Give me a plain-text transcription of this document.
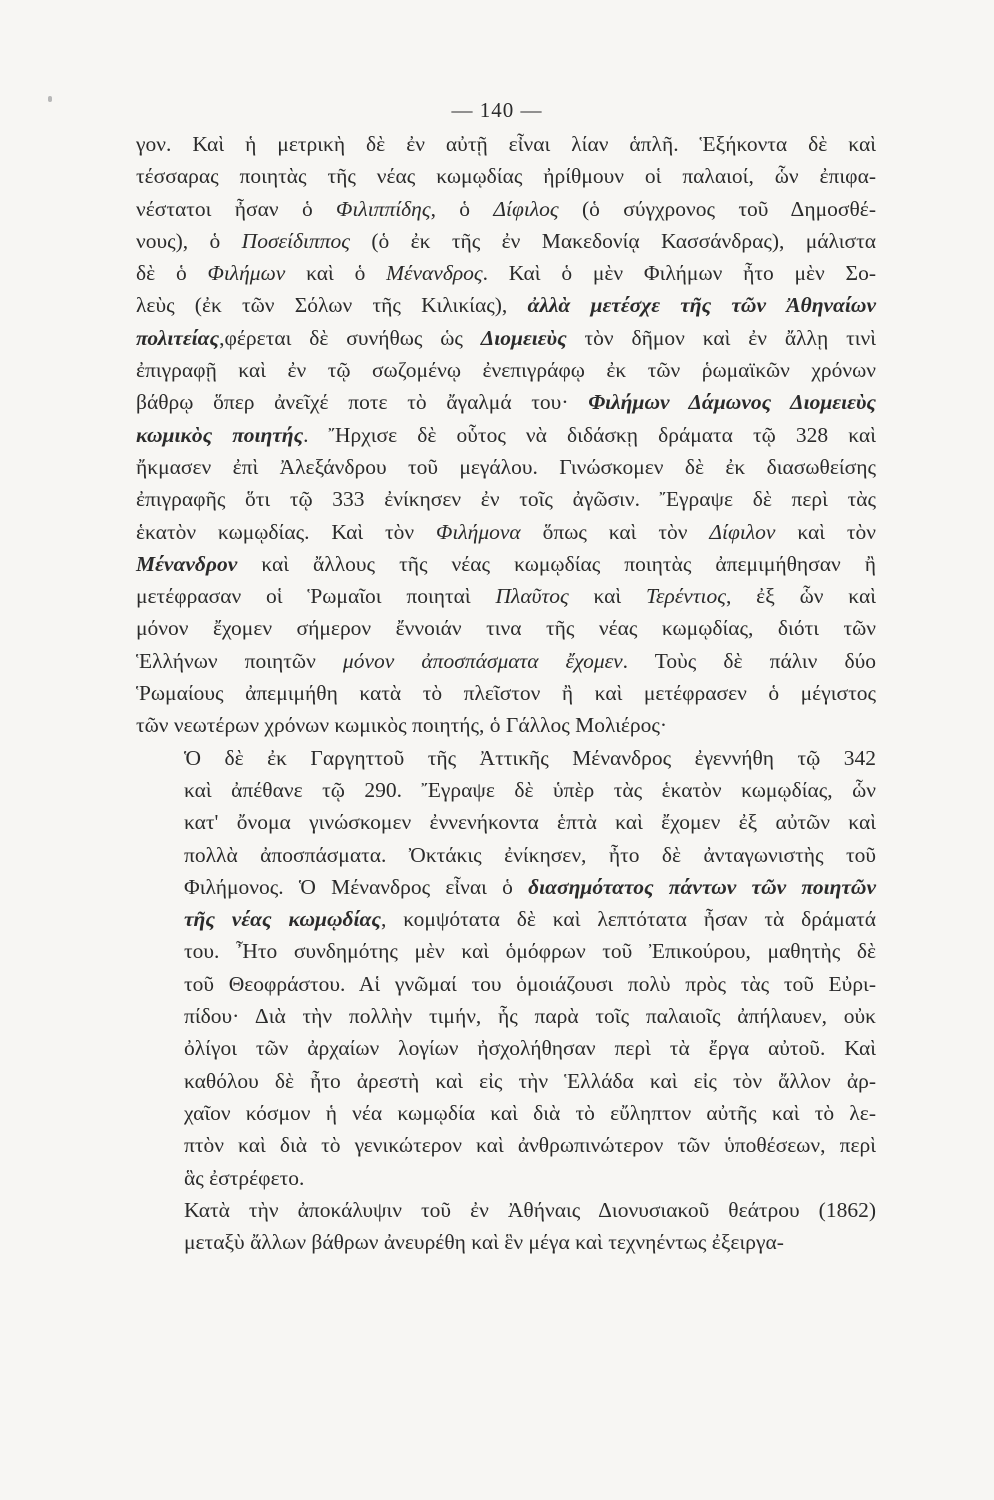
— 140 —

γον. Καὶ ἡ μετρικὴ δὲ ἐν αὐτῇ εἶναι λίαν ἁπλῆ. Ἑξήκοντα δὲ καὶ
τέσσαρας ποιητὰς τῆς νέας κωμῳδίας ἠρίθμουν οἱ παλαιοί, ὧν ἐπιφα-
νέστατοι ἦσαν ὁ Φιλιππίδης, ὁ Δίφιλος (ὁ σύγχρονος τοῦ Δημοσθέ-
νους), ὁ Ποσείδιππος (ὁ ἐκ τῆς ἐν Μακεδονίᾳ Κασσάνδρας), μάλιστα
δὲ ὁ Φιλήμων καὶ ὁ Μένανδρος. Καὶ ὁ μὲν Φιλήμων ἦτο μὲν Σο-
λεὺς (ἐκ τῶν Σόλων τῆς Κιλικίας), ἀλλὰ μετέσχε τῆς τῶν Ἀθηναίων
πολιτείας,φέρεται δὲ συνήθως ὡς Διομειεὺς τὸν δῆμον καὶ ἐν ἄλλῃ τινὶ
ἐπιγραφῇ καὶ ἐν τῷ σωζομένῳ ἐνεπιγράφῳ ἐκ τῶν ῥωμαϊκῶν χρόνων
βάθρῳ ὅπερ ἀνεῖχέ ποτε τὸ ἄγαλμά του· Φιλήμων Δάμωνος Διομειεὺς
κωμικὸς ποιητής. Ἤρχισε δὲ οὗτος νὰ διδάσκῃ δράματα τῷ 328 καὶ
ἤκμασεν ἐπὶ Ἀλεξάνδρου τοῦ μεγάλου. Γινώσκομεν δὲ ἐκ διασωθείσης
ἐπιγραφῆς ὅτι τῷ 333 ἐνίκησεν ἐν τοῖς ἀγῶσιν. Ἔγραψε δὲ περὶ τὰς
ἑκατὸν κωμῳδίας. Καὶ τὸν Φιλήμονα ὅπως καὶ τὸν Δίφιλον καὶ τὸν
Μένανδρον καὶ ἄλλους τῆς νέας κωμῳδίας ποιητὰς ἀπεμιμήθησαν ἢ
μετέφρασαν οἱ Ῥωμαῖοι ποιηταὶ Πλαῦτος καὶ Τερέντιος, ἐξ ὧν καὶ
μόνον ἔχομεν σήμερον ἔννοιάν τινα τῆς νέας κωμῳδίας, διότι τῶν
Ἑλλήνων ποιητῶν μόνον ἀποσπάσματα ἔχομεν. Τοὺς δὲ πάλιν δύο
Ῥωμαίους ἀπεμιμήθη κατὰ τὸ πλεῖστον ἢ καὶ μετέφρασεν ὁ μέγιστος
τῶν νεωτέρων χρόνων κωμικὸς ποιητής, ὁ Γάλλος Μολιέρος·

Ὁ δὲ ἐκ Γαργηττοῦ τῆς Ἀττικῆς Μένανδρος ἐγεννήθη τῷ 342
καὶ ἀπέθανε τῷ 290. Ἔγραψε δὲ ὑπὲρ τὰς ἑκατὸν κωμῳδίας, ὧν
κατ' ὄνομα γινώσκομεν ἐννενήκοντα ἑπτὰ καὶ ἔχομεν ἐξ αὐτῶν καὶ
πολλὰ ἀποσπάσματα. Ὀκτάκις ἐνίκησεν, ἦτο δὲ ἀνταγωνιστὴς τοῦ
Φιλήμονος. Ὁ Μένανδρος εἶναι ὁ διασημότατος πάντων τῶν ποιητῶν
τῆς νέας κωμῳδίας, κομψότατα δὲ καὶ λεπτότατα ἦσαν τὰ δράματά
του. Ἦτο συνδημότης μὲν καὶ ὁμόφρων τοῦ Ἐπικούρου, μαθητὴς δὲ
τοῦ Θεοφράστου. Αἱ γνῶμαί του ὁμοιάζουσι πολὺ πρὸς τὰς τοῦ Εὐρι-
πίδου· Διὰ τὴν πολλὴν τιμήν, ἧς παρὰ τοῖς παλαιοῖς ἀπήλαυεν, οὐκ
ὀλίγοι τῶν ἀρχαίων λογίων ἠσχολήθησαν περὶ τὰ ἔργα αὐτοῦ. Καὶ
καθόλου δὲ ἦτο ἀρεστὴ καὶ εἰς τὴν Ἑλλάδα καὶ εἰς τὸν ἄλλον ἀρ-
χαῖον κόσμον ἡ νέα κωμῳδία καὶ διὰ τὸ εὔληπτον αὐτῆς καὶ τὸ λε-
πτὸν καὶ διὰ τὸ γενικώτερον καὶ ἀνθρωπινώτερον τῶν ὑποθέσεων, περὶ
ἃς ἐστρέφετο.

Κατὰ τὴν ἀποκάλυψιν τοῦ ἐν Ἀθήναις Διονυσιακοῦ θεάτρου (1862)
μεταξὺ ἄλλων βάθρων ἀνευρέθη καὶ ἓν μέγα καὶ τεχνηέντως ἐξειργα-
